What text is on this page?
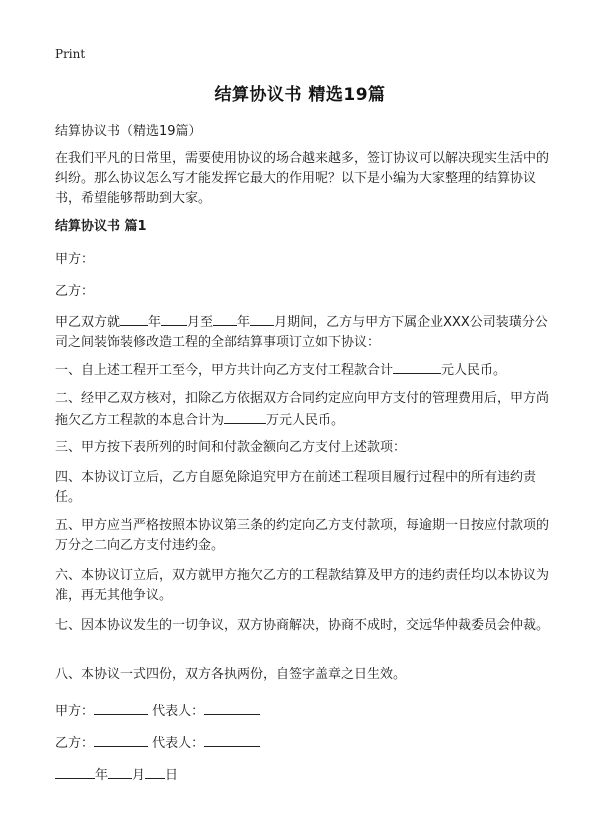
Print
结算协议书 精选19篇
结算协议书（精选19篇）
在我们平凡的日常里，需要使用协议的场合越来越多，签订协议可以解决现实生活中的纠纷。那么协议怎么写才能发挥它最大的作用呢？以下是小编为大家整理的结算协议书，希望能够帮助到大家。
结算协议书 篇1
甲方：
乙方：
甲乙双方就 年 月至 年 月期间，乙方与甲方下属企业XXX公司装璜分公司之间装饰装修改造工程的全部结算事项订立如下协议：
一、自上述工程开工至今，甲方共计向乙方支付工程款合计	元人民币。
二、经甲乙双方核对，扣除乙方依据双方合同约定应向甲方支付的管理费用后，甲方尚拖欠乙方工程款的本息合计为	万元人民币。
三、甲方按下表所列的时间和付款金额向乙方支付上述款项：
四、本协议订立后，乙方自愿免除追究甲方在前述工程项目履行过程中的所有违约责任。
五、甲方应当严格按照本协议第三条的约定向乙方支付款项，每逾期一日按应付款项的万分之二向乙方支付违约金。
六、本协议订立后，双方就甲方拖欠乙方的工程款结算及甲方的违约责任均以本协议为准，再无其他争议。
七、因本协议发生的一切争议，双方协商解决，协商不成时，交远华仲裁委员会仲裁。
八、本协议一式四份，双方各执两份，自签字盖章之日生效。
甲方：	代表人：
乙方：	代表人：
年 月 日
